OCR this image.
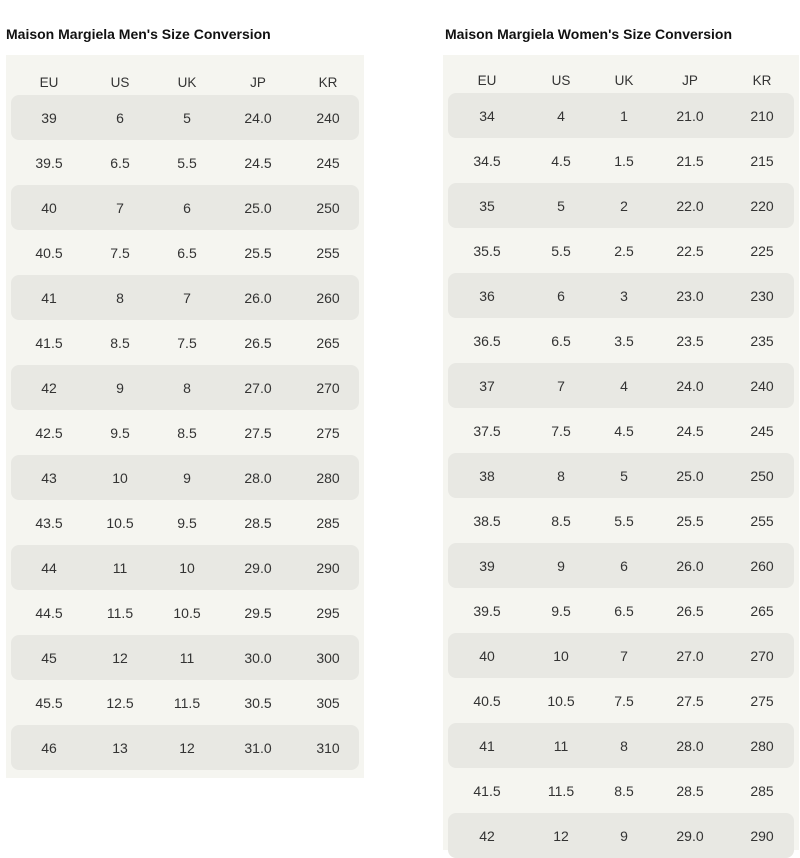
Maison Margiela Men's Size Conversion
EU	US	UK	JP	KR
39	6	5	24.0	240
39.5	6.5	5.5	24.5	245
40	7	6	25.0	250
40.5	7.5	6.5	25.5	255
41	8	7	26.0	260
41.5	8.5	7.5	26.5	265
42	9	8	27.0	270
42.5	9.5	8.5	27.5	275
43	10	9	28.0	280
43.5	10.5	9.5	28.5	285
44	11	10	29.0	290
44.5	11.5	10.5	29.5	295
45	12	11	30.0	300
45.5	12.5	11.5	30.5	305
46	13	12	31.0	310
Maison Margiela Women's Size Conversion
EU	US	UK	JP	KR
34	4	1	21.0	210
34.5	4.5	1.5	21.5	215
35	5	2	22.0	220
35.5	5.5	2.5	22.5	225
36	6	3	23.0	230
36.5	6.5	3.5	23.5	235
37	7	4	24.0	240
37.5	7.5	4.5	24.5	245
38	8	5	25.0	250
38.5	8.5	5.5	25.5	255
39	9	6	26.0	260
39.5	9.5	6.5	26.5	265
40	10	7	27.0	270
40.5	10.5	7.5	27.5	275
41	11	8	28.0	280
41.5	11.5	8.5	28.5	285
42	12	9	29.0	290
